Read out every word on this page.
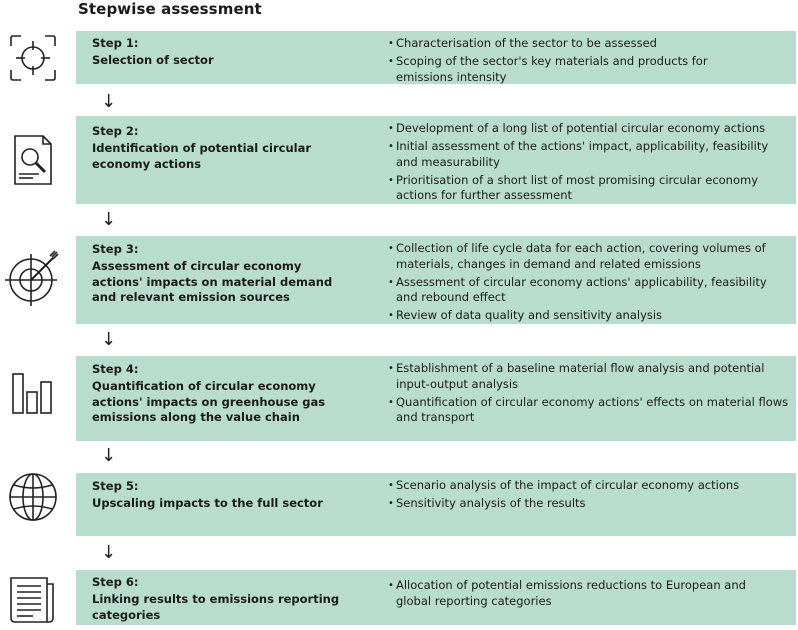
Stepwise assessment
Step 1:
Selection of sector
• Characterisation of the sector to be assessed
• Scoping of the sector's key materials and products for emissions intensity
↓
Step 2:
Identification of potential circular economy actions
• Development of a long list of potential circular economy actions
• Initial assessment of the actions' impact, applicability, feasibility and measurability
• Prioritisation of a short list of most promising circular economy actions for further assessment
↓
Step 3:
Assessment of circular economy actions' impacts on material demand and relevant emission sources
• Collection of life cycle data for each action, covering volumes of materials, changes in demand and related emissions
• Assessment of circular economy actions' applicability, feasibility and rebound effect
• Review of data quality and sensitivity analysis
↓
Step 4:
Quantification of circular economy actions' impacts on greenhouse gas emissions along the value chain
• Establishment of a baseline material flow analysis and potential input-output analysis
• Quantification of circular economy actions' effects on material flows and transport
↓
Step 5:
Upscaling impacts to the full sector
• Scenario analysis of the impact of circular economy actions
• Sensitivity analysis of the results
↓
Step 6:
Linking results to emissions reporting categories
• Allocation of potential emissions reductions to European and global reporting categories
